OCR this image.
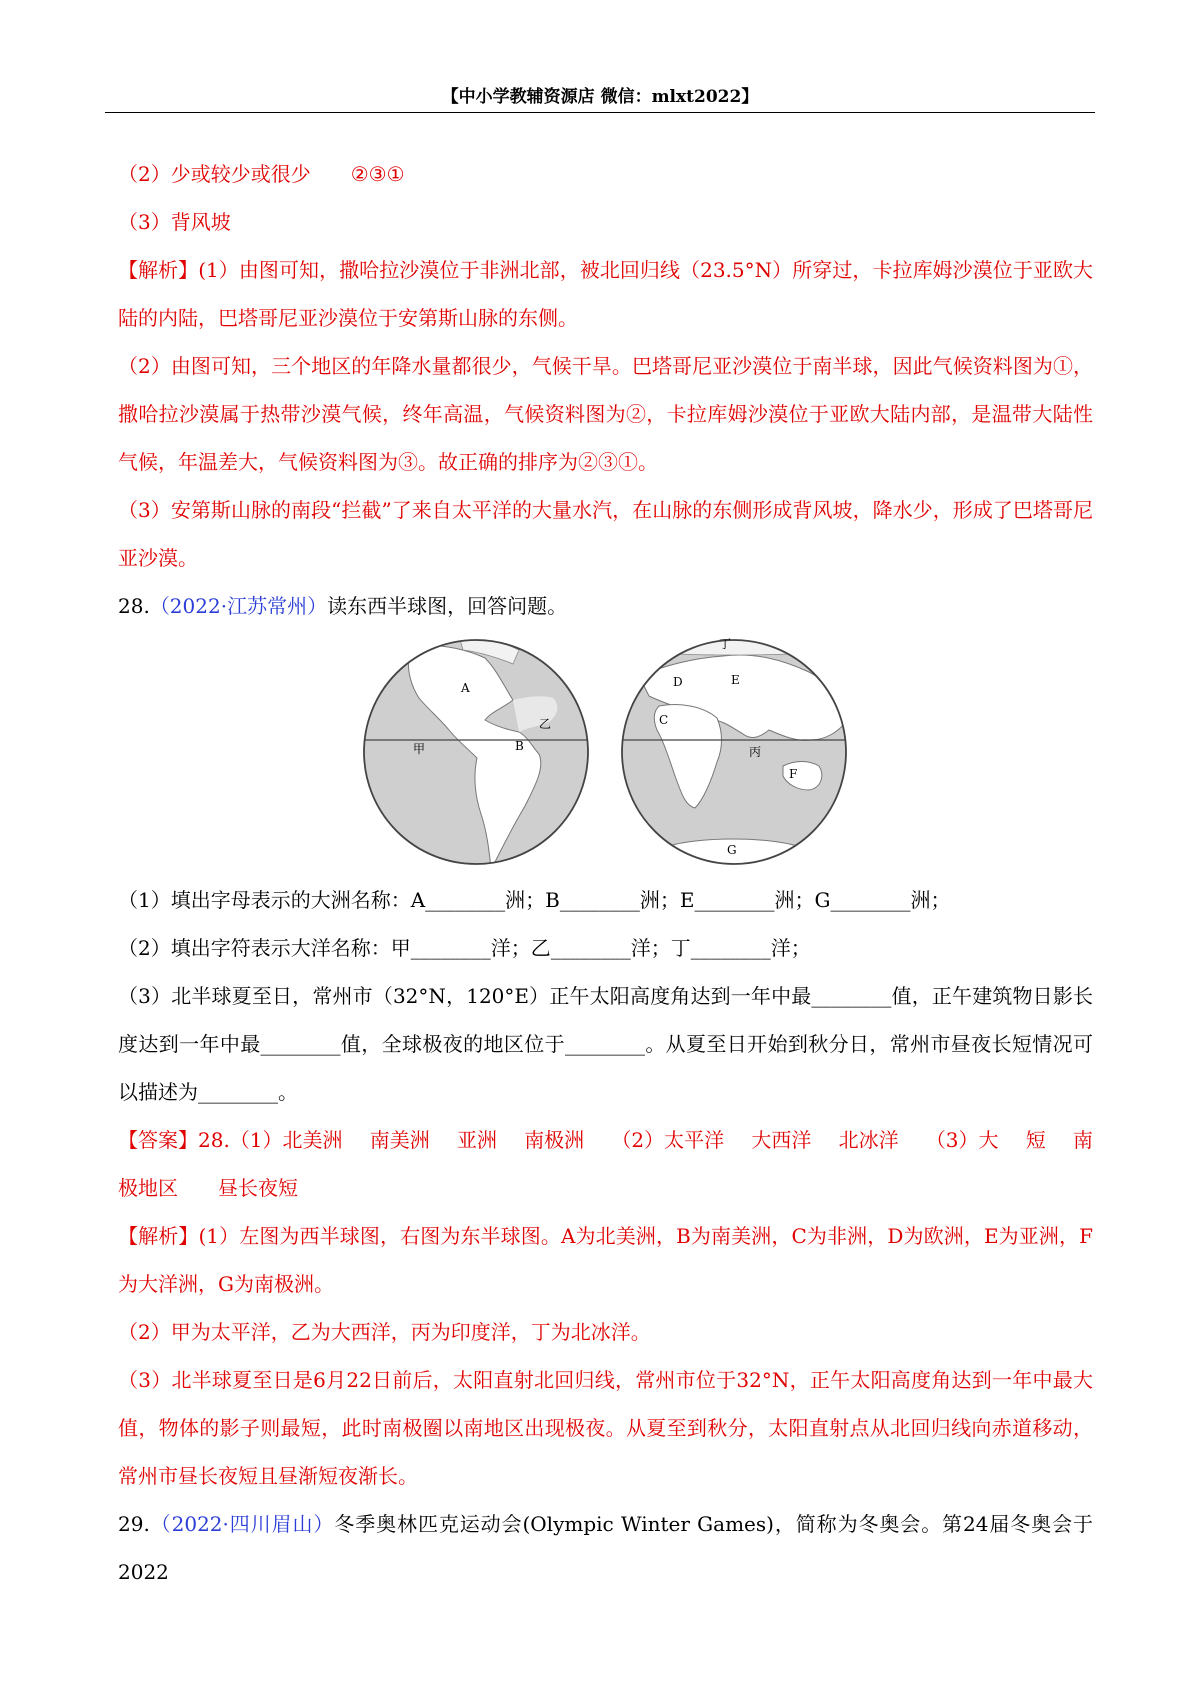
【中小学教辅资源店 微信：mlxt2022】

（2）少或较少或很少 ②③①

（3）背风坡

【解析】(1）由图可知，撒哈拉沙漠位于非洲北部，被北回归线（23.5°N）所穿过，卡拉库姆沙漠位于亚欧大陆的内陆，巴塔哥尼亚沙漠位于安第斯山脉的东侧。

（2）由图可知，三个地区的年降水量都很少，气候干旱。巴塔哥尼亚沙漠位于南半球，因此气候资料图为①，撒哈拉沙漠属于热带沙漠气候，终年高温，气候资料图为②，卡拉库姆沙漠位于亚欧大陆内部，是温带大陆性气候，年温差大，气候资料图为③。故正确的排序为②③①。

（3）安第斯山脉的南段“拦截”了来自太平洋的大量水汽，在山脉的东侧形成背风坡，降水少，形成了巴塔哥尼亚沙漠。

28.（2022·江苏常州）读东西半球图，回答问题。

A
B
乙
甲
丁
D	E
C
丙
F
G

（1）填出字母表示的大洲名称：A________洲；B________洲；E________洲；G________洲；

（2）填出字符表示大洋名称：甲________洋；乙________洋；丁________洋；

（3）北半球夏至日，常州市（32°N，120°E）正午太阳高度角达到一年中最________值，正午建筑物日影长度达到一年中最________值，全球极夜的地区位于________。从夏至日开始到秋分日，常州市昼夜长短情况可以描述为________。

【答案】28.（1）北美洲 南美洲 亚洲 南极洲 （2）太平洋 大西洋 北冰洋 （3）大 短 南

极地区 昼长夜短

【解析】(1）左图为西半球图，右图为东半球图。A为北美洲，B为南美洲，C为非洲，D为欧洲，E为亚洲，F为大洋洲，G为南极洲。

（2）甲为太平洋，乙为大西洋，丙为印度洋，丁为北冰洋。

（3）北半球夏至日是6月22日前后，太阳直射北回归线，常州市位于32°N，正午太阳高度角达到一年中最大值，物体的影子则最短，此时南极圈以南地区出现极夜。从夏至到秋分，太阳直射点从北回归线向赤道移动，常州市昼长夜短且昼渐短夜渐长。

29.（2022·四川眉山）冬季奥林匹克运动会(Olympic Winter Games)，简称为冬奥会。第24届冬奥会于2022
